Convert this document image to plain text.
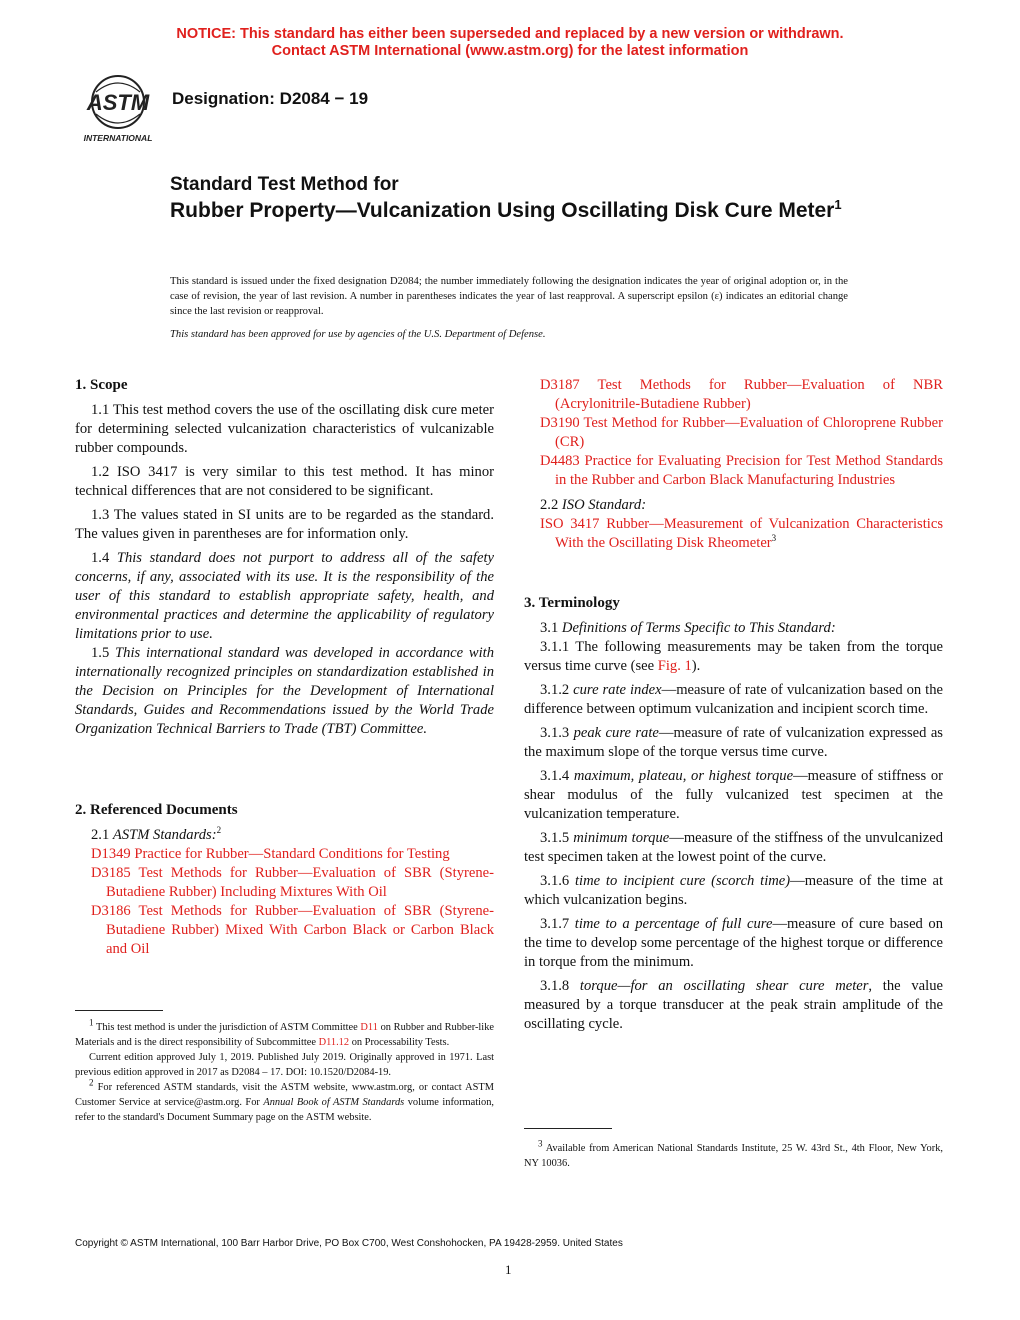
NOTICE: This standard has either been superseded and replaced by a new version or withdrawn.
Contact ASTM International (www.astm.org) for the latest information
ASTM
INTERNATIONAL
Designation: D2084 − 19
Standard Test Method for
Rubber Property—Vulcanization Using Oscillating Disk Cure Meter$^1$
This standard is issued under the fixed designation D2084; the number immediately following the designation indicates the year of original adoption or, in the case of revision, the year of last revision. A number in parentheses indicates the year of last reapproval. A superscript epsilon (ε) indicates an editorial change since the last revision or reapproval.
This standard has been approved for use by agencies of the U.S. Department of Defense.

1. Scope

1.1 This test method covers the use of the oscillating disk cure meter for determining selected vulcanization characteristics of vulcanizable rubber compounds.

1.2 ISO 3417 is very similar to this test method. It has minor technical differences that are not considered to be significant.

1.3 The values stated in SI units are to be regarded as the standard. The values given in parentheses are for information only.

1.4 This standard does not purport to address all of the safety concerns, if any, associated with its use. It is the responsibility of the user of this standard to establish appropriate safety, health, and environmental practices and determine the applicability of regulatory limitations prior to use.

1.5 This international standard was developed in accordance with internationally recognized principles on standardization established in the Decision on Principles for the Development of International Standards, Guides and Recommendations issued by the World Trade Organization Technical Barriers to Trade (TBT) Committee.

2. Referenced Documents

2.1 ASTM Standards:$^2$

D1349 Practice for Rubber—Standard Conditions for Testing

D3185 Test Methods for Rubber—Evaluation of SBR (Styrene-Butadiene Rubber) Including Mixtures With Oil

D3186 Test Methods for Rubber—Evaluation of SBR (Styrene-Butadiene Rubber) Mixed With Carbon Black or Carbon Black and Oil

$^1$ This test method is under the jurisdiction of ASTM Committee D11 on Rubber and Rubber-like Materials and is the direct responsibility of Subcommittee D11.12 on Processability Tests.

Current edition approved July 1, 2019. Published July 2019. Originally approved in 1971. Last previous edition approved in 2017 as D2084 – 17. DOI: 10.1520/D2084-19.

$^2$ For referenced ASTM standards, visit the ASTM website, www.astm.org, or contact ASTM Customer Service at service@astm.org. For Annual Book of ASTM Standards volume information, refer to the standard's Document Summary page on the ASTM website.

D3187 Test Methods for Rubber—Evaluation of NBR (Acrylonitrile-Butadiene Rubber)

D3190 Test Method for Rubber—Evaluation of Chloroprene Rubber (CR)

D4483 Practice for Evaluating Precision for Test Method Standards in the Rubber and Carbon Black Manufacturing Industries

2.2 ISO Standard:

ISO 3417 Rubber—Measurement of Vulcanization Characteristics With the Oscillating Disk Rheometer$^3$

3. Terminology

3.1 Definitions of Terms Specific to This Standard:

3.1.1 The following measurements may be taken from the torque versus time curve (see Fig. 1).

3.1.2 cure rate index—measure of rate of vulcanization based on the difference between optimum vulcanization and incipient scorch time.

3.1.3 peak cure rate—measure of rate of vulcanization expressed as the maximum slope of the torque versus time curve.

3.1.4 maximum, plateau, or highest torque—measure of stiffness or shear modulus of the fully vulcanized test specimen at the vulcanization temperature.

3.1.5 minimum torque—measure of the stiffness of the unvulcanized test specimen taken at the lowest point of the curve.

3.1.6 time to incipient cure (scorch time)—measure of the time at which vulcanization begins.

3.1.7 time to a percentage of full cure—measure of cure based on the time to develop some percentage of the highest torque or difference in torque from the minimum.

3.1.8 torque—for an oscillating shear cure meter, the value measured by a torque transducer at the peak strain amplitude of the oscillating cycle.

$^3$ Available from American National Standards Institute, 25 W. 43rd St., 4th Floor, New York, NY 10036.

Copyright © ASTM International, 100 Barr Harbor Drive, PO Box C700, West Conshohocken, PA 19428-2959. United States
1
